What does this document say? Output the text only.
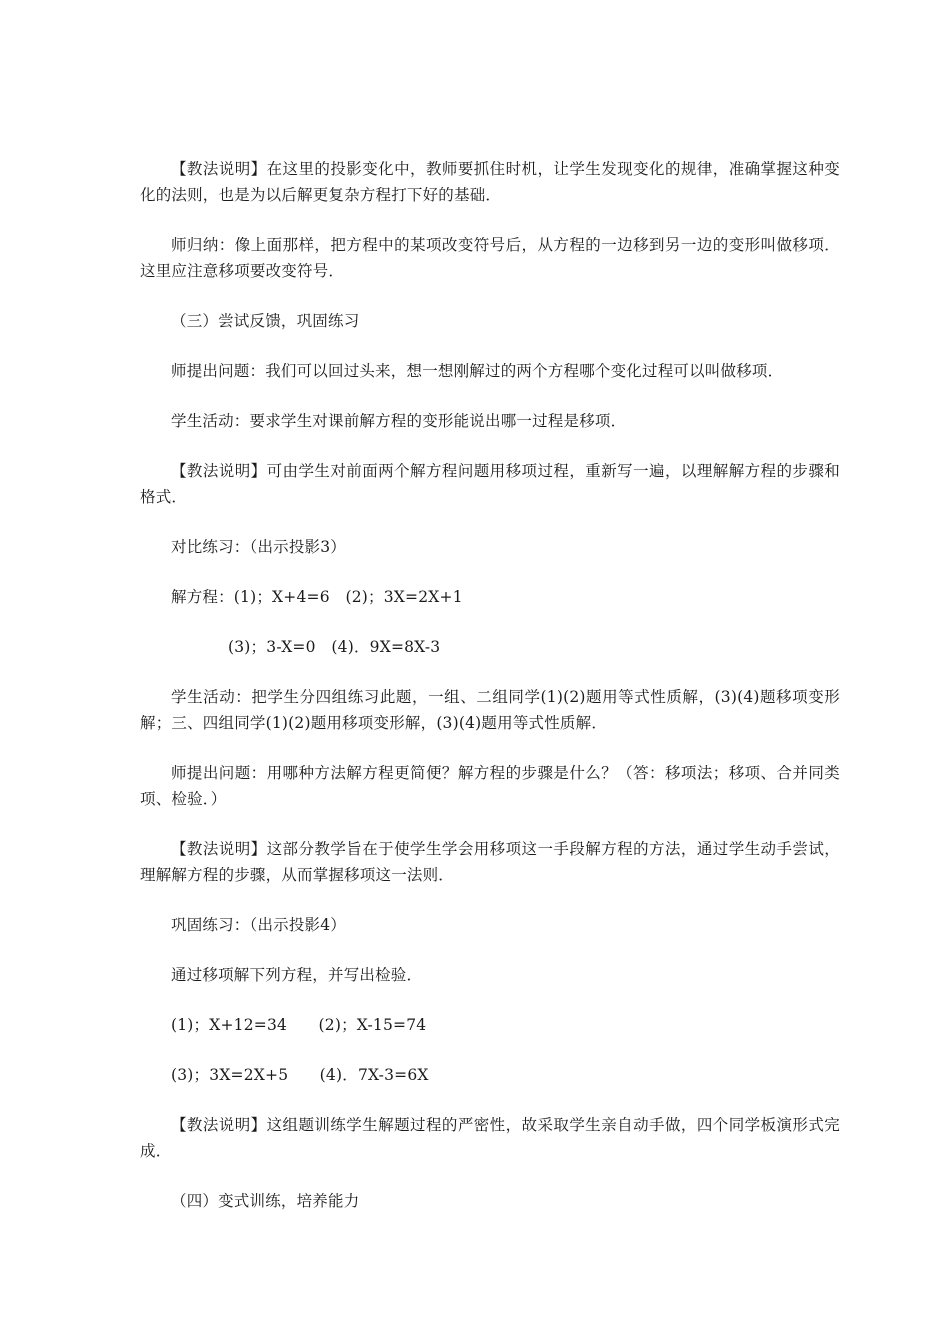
【教法说明】在这里的投影变化中，教师要抓住时机，让学生发现变化的规律，准确掌握这种变化的法则，也是为以后解更复杂方程打下好的基础．

师归纳：像上面那样，把方程中的某项改变符号后，从方程的一边移到另一边的变形叫做移项．这里应注意移项要改变符号．

（三）尝试反馈，巩固练习

师提出问题：我们可以回过头来，想一想刚解过的两个方程哪个变化过程可以叫做移项．

学生活动：要求学生对课前解方程的变形能说出哪一过程是移项．

【教法说明】可由学生对前面两个解方程问题用移项过程，重新写一遍，以理解解方程的步骤和格式．

对比练习：（出示投影3）

解方程：(1)；X+4=6　(2)；3X=2X+1

(3)；3-X=0　(4)．9X=8X-3

学生活动：把学生分四组练习此题，一组、二组同学(1)(2)题用等式性质解，(3)(4)题移项变形解；三、四组同学(1)(2)题用移项变形解，(3)(4)题用等式性质解．

师提出问题：用哪种方法解方程更简便？解方程的步骤是什么？（答：移项法；移项、合并同类项、检验．）

【教法说明】这部分教学旨在于使学生学会用移项这一手段解方程的方法，通过学生动手尝试，理解解方程的步骤，从而掌握移项这一法则．

巩固练习：（出示投影4）

通过移项解下列方程，并写出检验．

(1)；X+12=34　　(2)；X-15=74

(3)；3X=2X+5　　(4)．7X-3=6X

【教法说明】这组题训练学生解题过程的严密性，故采取学生亲自动手做，四个同学板演形式完成．

（四）变式训练，培养能力
